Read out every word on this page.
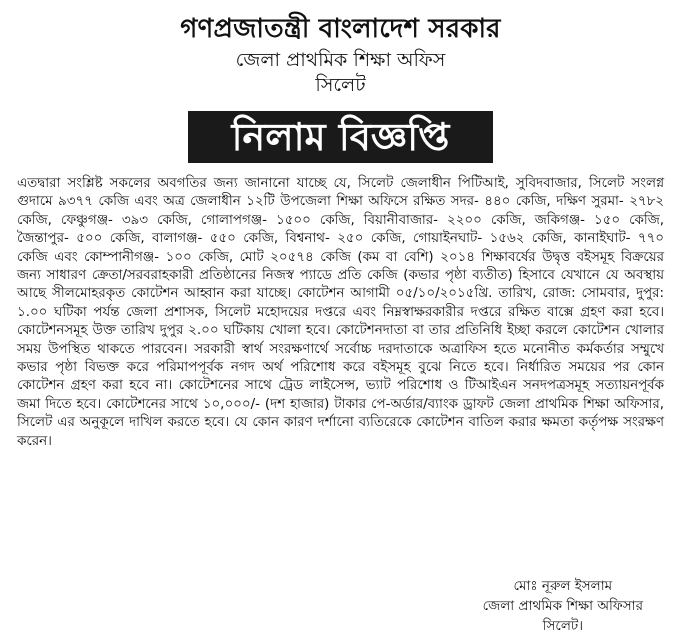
গণপ্রজাতন্ত্রী বাংলাদেশ সরকার
জেলা প্রাথমিক শিক্ষা অফিস
সিলেট
নিলাম বিজ্ঞপ্তি
এতদ্বারা সংশ্লিষ্ট সকলের অবগতির জন্য জানানো যাচ্ছে যে, সিলেট জেলাধীন পিটিআই, সুবিদবাজার, সিলেট সংলগ্ন গুদামে ৯৩৭৭ কেজি এবং অত্র জেলাধীন ১২টি উপজেলা শিক্ষা অফিসে রক্ষিত সদর- ৪৪০ কেজি, দক্ষিণ সুরমা- ২৭৮২ কেজি, ফেঞ্চুগঞ্জ- ৩৯৩ কেজি, গোলাপগঞ্জ- ১৫০০ কেজি, বিয়ানীবাজার- ২২০০ কেজি, জকিগঞ্জ- ১৫০ কেজি, জৈন্তাপুর- ৫০০ কেজি, বালাগঞ্জ- ৫৫০ কেজি, বিশ্বনাথ- ২৫০ কেজি, গোয়াইনঘাট- ১৫৬২ কেজি, কানাইঘাট- ৭৭০ কেজি এবং কোম্পানীগঞ্জ- ১০০ কেজি, মোট ২০৫৭৪ কেজি (কম বা বেশি) ২০১৪ শিক্ষাবর্ষের উদ্বৃত্ত বইসমূহ বিক্রয়ের জন্য সাধারণ ক্রেতা/সরবরাহকারী প্রতিষ্ঠানের নিজস্ব প্যাডে প্রতি কেজি (কভার পৃষ্ঠা ব্যতীত) হিসাবে যেখানে যে অবস্থায় আছে সীলমোহরকৃত কোটেশন আহ্বান করা যাচ্ছে। কোটেশন আগামী ০৫/১০/২০১৫খ্রি. তারিখ, রোজ: সোমবার, দুপুর: ১.০০ ঘটিকা পর্যন্ত জেলা প্রশাসক, সিলেট মহোদয়ের দপ্তরে এবং নিম্নস্বাক্ষরকারীর দপ্তরে রক্ষিত বাক্সে গ্রহণ করা হবে। কোটেশনসমূহ উক্ত তারিখ দুপুর ২.০০ ঘটিকায় খোলা হবে। কোটেশনদাতা বা তার প্রতিনিধি ইচ্ছা করলে কোটেশন খোলার সময় উপস্থিত থাকতে পারবেন। সরকারী স্বার্থ সংরক্ষণার্থে সর্বোচ্চ দরদাতাকে অত্রাফিস হতে মনোনীত কর্মকর্তার সম্মুখে কভার পৃষ্ঠা বিভক্ত করে পরিমাপপূর্বক নগদ অর্থ পরিশোধ করে বইসমূহ বুঝে নিতে হবে। নির্ধারিত সময়ের পর কোন কোটেশন গ্রহণ করা হবে না। কোটেশনের সাথে ট্রেড লাইসেন্স, ভ্যাট পরিশোধ ও টিআইএন সনদপত্রসমূহ সত্যায়নপূর্বক জমা দিতে হবে। কোটেশনের সাথে ১০,০০০/- (দশ হাজার) টাকার পে-অর্ডার/ব্যাংক ড্রাফট জেলা প্রাথমিক শিক্ষা অফিসার, সিলেট এর অনুকূলে দাখিল করতে হবে। যে কোন কারণ দর্শানো ব্যতিরেকে কোটেশন বাতিল করার ক্ষমতা কর্তৃপক্ষ সংরক্ষণ করেন।
মোঃ নূরুল ইসলাম
জেলা প্রাথমিক শিক্ষা অফিসার
সিলেট।
